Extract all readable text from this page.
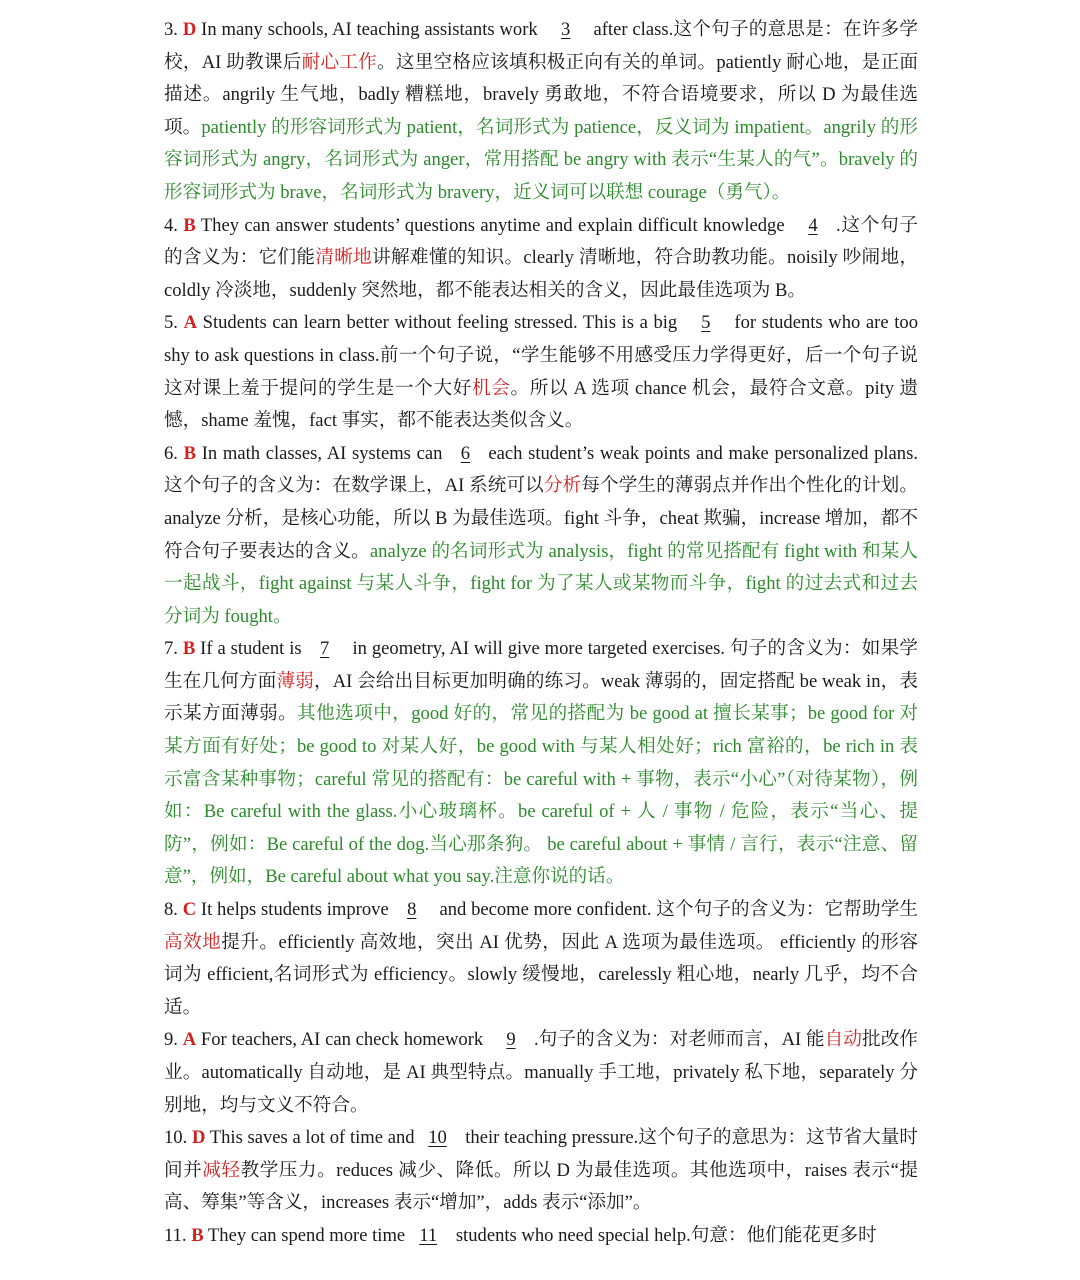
3. D In many schools, AI teaching assistants work 3 after class.这个句子的意思是：在许多学校，AI 助教课后耐心工作。这里空格应该填积极正向有关的单词。patiently 耐心地，是正面描述。angrily 生气地，badly 糟糕地，bravely 勇敢地，不符合语境要求，所以 D 为最佳选项。patiently 的形容词形式为 patient，名词形式为 patience，反义词为 impatient。angrily 的形容词形式为 angry，名词形式为 anger，常用搭配 be angry with 表示“生某人的气”。bravely 的形容词形式为 brave，名词形式为 bravery，近义词可以联想 courage（勇气）。

4. B They can answer students’ questions anytime and explain difficult knowledge 4 .这个句子的含义为：它们能清晰地讲解难懂的知识。clearly 清晰地，符合助教功能。noisily 吵闹地，coldly 冷淡地，suddenly 突然地，都不能表达相关的含义，因此最佳选项为 B。

5. A Students can learn better without feeling stressed. This is a big 5 for students who are too shy to ask questions in class.前一个句子说，“学生能够不用感受压力学得更好，后一个句子说这对课上羞于提问的学生是一个大好机会。所以 A 选项 chance 机会，最符合文意。pity 遗憾，shame 羞愧，fact 事实，都不能表达类似含义。

6. B In math classes, AI systems can 6 each student’s weak points and make personalized plans.这个句子的含义为：在数学课上，AI 系统可以分析每个学生的薄弱点并作出个性化的计划。analyze 分析，是核心功能，所以 B 为最佳选项。fight 斗争，cheat 欺骗，increase 增加，都不符合句子要表达的含义。analyze 的名词形式为 analysis，fight 的常见搭配有 fight with 和某人一起战斗，fight against 与某人斗争，fight for 为了某人或某物而斗争，fight 的过去式和过去分词为 fought。

7. B If a student is 7 in geometry, AI will give more targeted exercises. 句子的含义为：如果学生在几何方面薄弱，AI 会给出目标更加明确的练习。weak 薄弱的，固定搭配 be weak in，表示某方面薄弱。其他选项中，good 好的，常见的搭配为 be good at 擅长某事；be good for 对某方面有好处；be good to 对某人好，be good with 与某人相处好；rich 富裕的，be rich in 表示富含某种事物；careful 常见的搭配有：be careful with + 事物，表示“小心”（对待某物），例如：Be careful with the glass.小心玻璃杯。be careful of + 人 / 事物 / 危险，表示“当心、提防”，例如：Be careful of the dog.当心那条狗。 be careful about + 事情 / 言行，表示“注意、留意”，例如，Be careful about what you say.注意你说的话。

8. C It helps students improve 8 and become more confident. 这个句子的含义为：它帮助学生高效地提升。efficiently 高效地，突出 AI 优势，因此 A 选项为最佳选项。 efficiently 的形容词为 efficient,名词形式为 efficiency。slowly 缓慢地，carelessly 粗心地，nearly 几乎，均不合适。

9. A For teachers, AI can check homework 9 .句子的含义为：对老师而言，AI 能自动批改作业。automatically 自动地，是 AI 典型特点。manually 手工地，privately 私下地，separately 分别地，均与文义不符合。

10. D This saves a lot of time and 10 their teaching pressure.这个句子的意思为：这节省大量时间并减轻教学压力。reduces 减少、降低。所以 D 为最佳选项。其他选项中，raises 表示“提高、筹集”等含义，increases 表示“增加”，adds 表示“添加”。

11. B They can spend more time 11 students who need special help.句意：他们能花更多时
